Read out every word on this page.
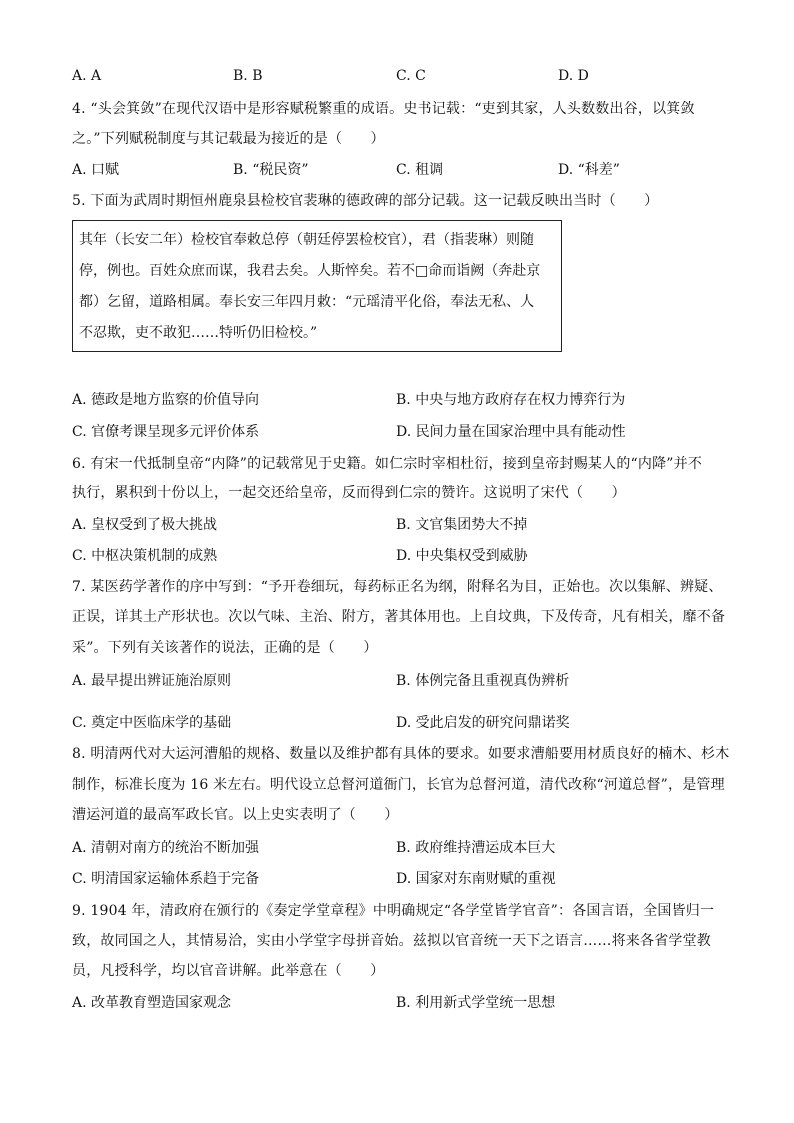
A. A	B. B	C. C	D. D
4. “头会箕敛”在现代汉语中是形容赋税繁重的成语。史书记载：“吏到其家，人头数数出谷，以箕敛
之。”下列赋税制度与其记载最为接近的是（　　）
A. 口赋	B. “税民资”	C. 租调	D. “科差”
5. 下面为武周时期恒州鹿泉县检校官裴琳的德政碑的部分记载。这一记载反映出当时（　　）
其年（长安二年）检校官奉敕总停（朝廷停罢检校官），君（指裴琳）则随
停，例也。百姓众庶而谋，我君去矣。人斯悴矣。若不□命而诣阙（奔赴京
都）乞留，道路相属。奉长安三年四月敕：“元瑶清平化俗，奉法无私、人
不忍欺，吏不敢犯……特听仍旧检校。”
A. 德政是地方监察的价值导向	B. 中央与地方政府存在权力博弈行为
C. 官僚考课呈现多元评价体系	D. 民间力量在国家治理中具有能动性
6. 有宋一代抵制皇帝“内降”的记载常见于史籍。如仁宗时宰相杜衍，接到皇帝封赐某人的“内降”并不
执行，累积到十份以上，一起交还给皇帝，反而得到仁宗的赞许。这说明了宋代（　　）
A. 皇权受到了极大挑战	B. 文官集团势大不掉
C. 中枢决策机制的成熟	D. 中央集权受到威胁
7. 某医药学著作的序中写到：“予开卷细玩，每药标正名为纲，附释名为目，正始也。次以集解、辨疑、
正误，详其土产形状也。次以气味、主治、附方，著其体用也。上自坟典，下及传奇，凡有相关，靡不备
采”。下列有关该著作的说法，正确的是（　　）
A. 最早提出辨证施治原则	B. 体例完备且重视真伪辨析
C. 奠定中医临床学的基础	D. 受此启发的研究问鼎诺奖
8. 明清两代对大运河漕船的规格、数量以及维护都有具体的要求。如要求漕船要用材质良好的楠木、杉木
制作，标准长度为 16 米左右。明代设立总督河道衙门，长官为总督河道，清代改称“河道总督”，是管理
漕运河道的最高军政长官。以上史实表明了（　　）
A. 清朝对南方的统治不断加强	B. 政府维持漕运成本巨大
C. 明清国家运输体系趋于完备	D. 国家对东南财赋的重视
9. 1904 年，清政府在颁行的《奏定学堂章程》中明确规定“各学堂皆学官音”：各国言语，全国皆归一
致，故同国之人，其情易洽，实由小学堂字母拼音始。兹拟以官音统一天下之语言……将来各省学堂教
员，凡授科学，均以官音讲解。此举意在（　　）
A. 改革教育塑造国家观念	B. 利用新式学堂统一思想
